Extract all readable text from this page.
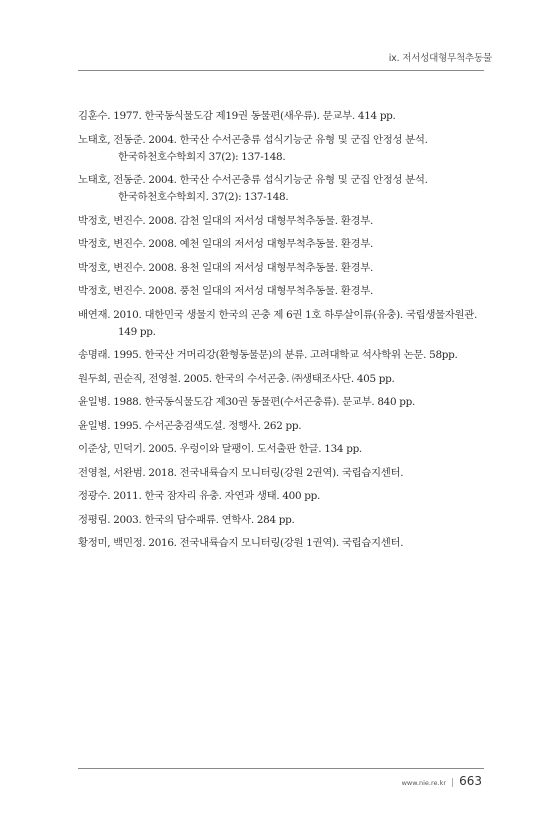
ix. 저서성대형무척추동물
김훈수. 1977. 한국동식물도감 제19권 동물편(새우류). 문교부. 414 pp.
노태호, 전동준. 2004. 한국산 수서곤충류 섭식기능군 유형 및 군집 안정성 분석. 한국하천호수학회지 37(2): 137-148.
노태호, 전동준. 2004. 한국산 수서곤충류 섭식기능군 유형 및 군집 안정성 분석. 한국하천호수학회지. 37(2): 137-148.
박정호, 변진수. 2008. 감천 일대의 저서성 대형무척추동물. 환경부.
박정호, 변진수. 2008. 예천 일대의 저서성 대형무척추동물. 환경부.
박정호, 변진수. 2008. 용천 일대의 저서성 대형무척추동물. 환경부.
박정호, 변진수. 2008. 풍천 일대의 저서성 대형무척추동물. 환경부.
배연재. 2010. 대한민국 생물지 한국의 곤충 제 6권 1호 하루살이류(유충). 국립생물자원관. 149 pp.
송명래. 1995. 한국산 거머리강(환형동물문)의 분류. 고려대학교 석사학위 논문. 58pp.
원두희, 권순직, 전영철. 2005. 한국의 수서곤충. ㈜생태조사단. 405 pp.
윤일병. 1988. 한국동식물도감 제30권 동물편(수서곤충류). 문교부. 840 pp.
윤일병. 1995. 수서곤충검색도설. 정행사. 262 pp.
이준상, 민덕기. 2005. 우렁이와 달팽이. 도서출판 한글. 134 pp.
전영철, 서완범. 2018. 전국내륙습지 모니터링(강원 2권역). 국립습지센터.
정광수. 2011. 한국 잠자리 유충. 자연과 생태. 400 pp.
정평림. 2003. 한국의 담수패류. 연학사. 284 pp.
황정미, 백민정. 2016. 전국내륙습지 모니터링(강원 1권역). 국립습지센터.
www.nie.re.kr | 663
